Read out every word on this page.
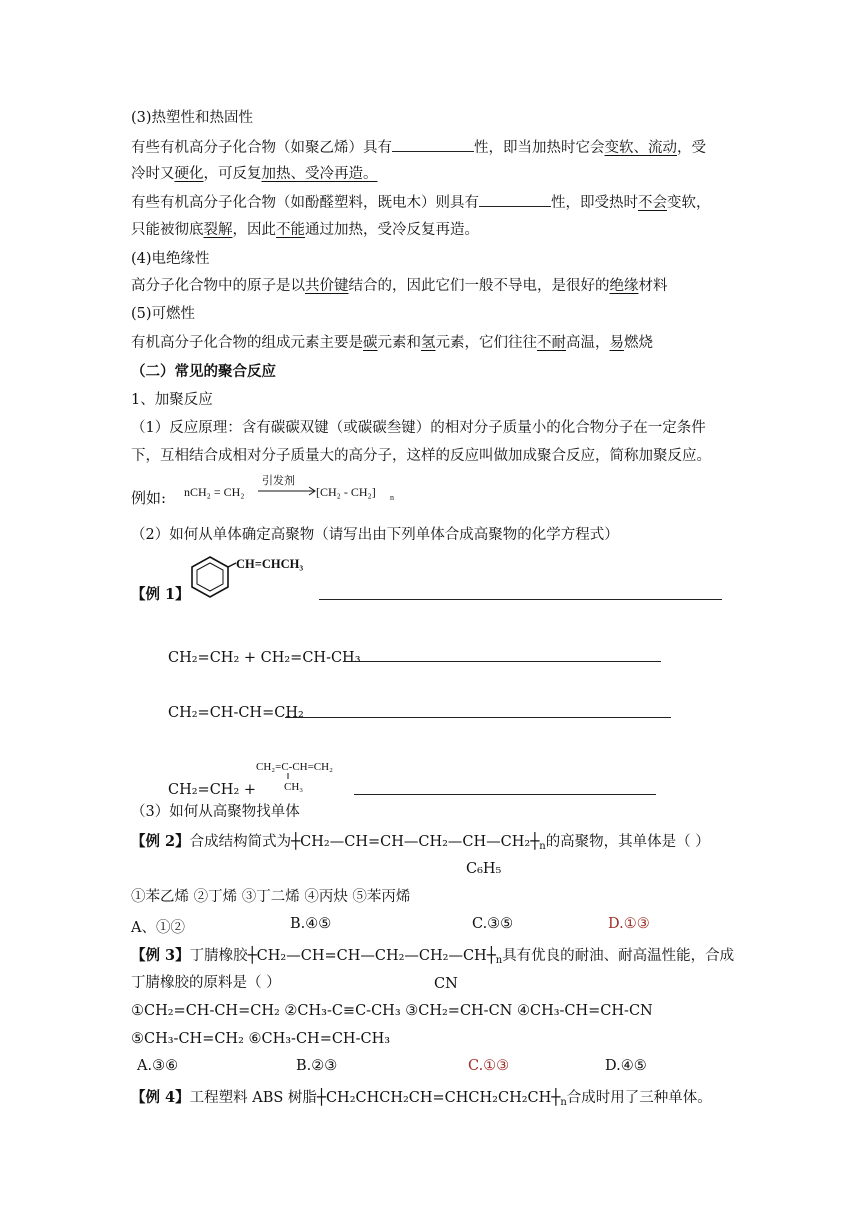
(3)热塑性和热固性
有些有机高分子化合物（如聚乙烯）具有	性，即当加热时它会变软、流动，受
冷时又硬化，可反复加热、受冷再造。
有些有机高分子化合物（如酚醛塑料，既电木）则具有	性，即受热时不会变软，
只能被彻底裂解，因此不能通过加热，受冷反复再造。
(4)电绝缘性
高分子化合物中的原子是以共价键结合的，因此它们一般不导电，是很好的绝缘材料
(5)可燃性
有机高分子化合物的组成元素主要是碳元素和氢元素，它们往往不耐高温，易燃烧
（二）常见的聚合反应
1、加聚反应
（1）反应原理：含有碳碳双键（或碳碳叁键）的相对分子质量小的化合物分子在一定条件
下，互相结合成相对分子质量大的高分子，这样的反应叫做加成聚合反应，简称加聚反应。
例如: nCH₂ = CH₂
引发剂
[CH₂ - CH₂] n
（2）如何从单体确定高聚物（请写出由下列单体合成高聚物的化学方程式）
【例 1】
CH=CHCH₃
CH₂=CH₂ + CH₂=CH-CH₃
CH₂=CH-CH=CH₂
CH₂=CH₂ +
CH₂=C-CH=CH₂
CH₃
（3）如何从高聚物找单体
【例 2】合成结构简式为$┼CH_2—CH=CH—CH_2—CH—CH_2┼_n$的高聚物，其单体是（ ）
C₆H₅
①苯乙烯 ②丁烯 ③丁二烯 ④丙炔 ⑤苯丙烯
A、①②	B.④⑤	C.③⑤	D.①③
【例 3】丁腈橡胶$┼CH_2—CH=CH—CH_2—CH_2—CH┼_n$具有优良的耐油、耐高温性能，合成
丁腈橡胶的原料是（ ）	CN
①CH₂=CH-CH=CH₂ ②CH₃-C≡C-CH₃ ③CH₂=CH-CN ④CH₃-CH=CH-CN
⑤CH₃-CH=CH₂ ⑥CH₃-CH=CH-CH₃
A.③⑥	B.②③	C.①③	D.④⑤
【例 4】工程塑料 ABS 树脂$┼CH_2CHCH_2CH=CHCH_2CH_2CH┼_n$合成时用了三种单体。
